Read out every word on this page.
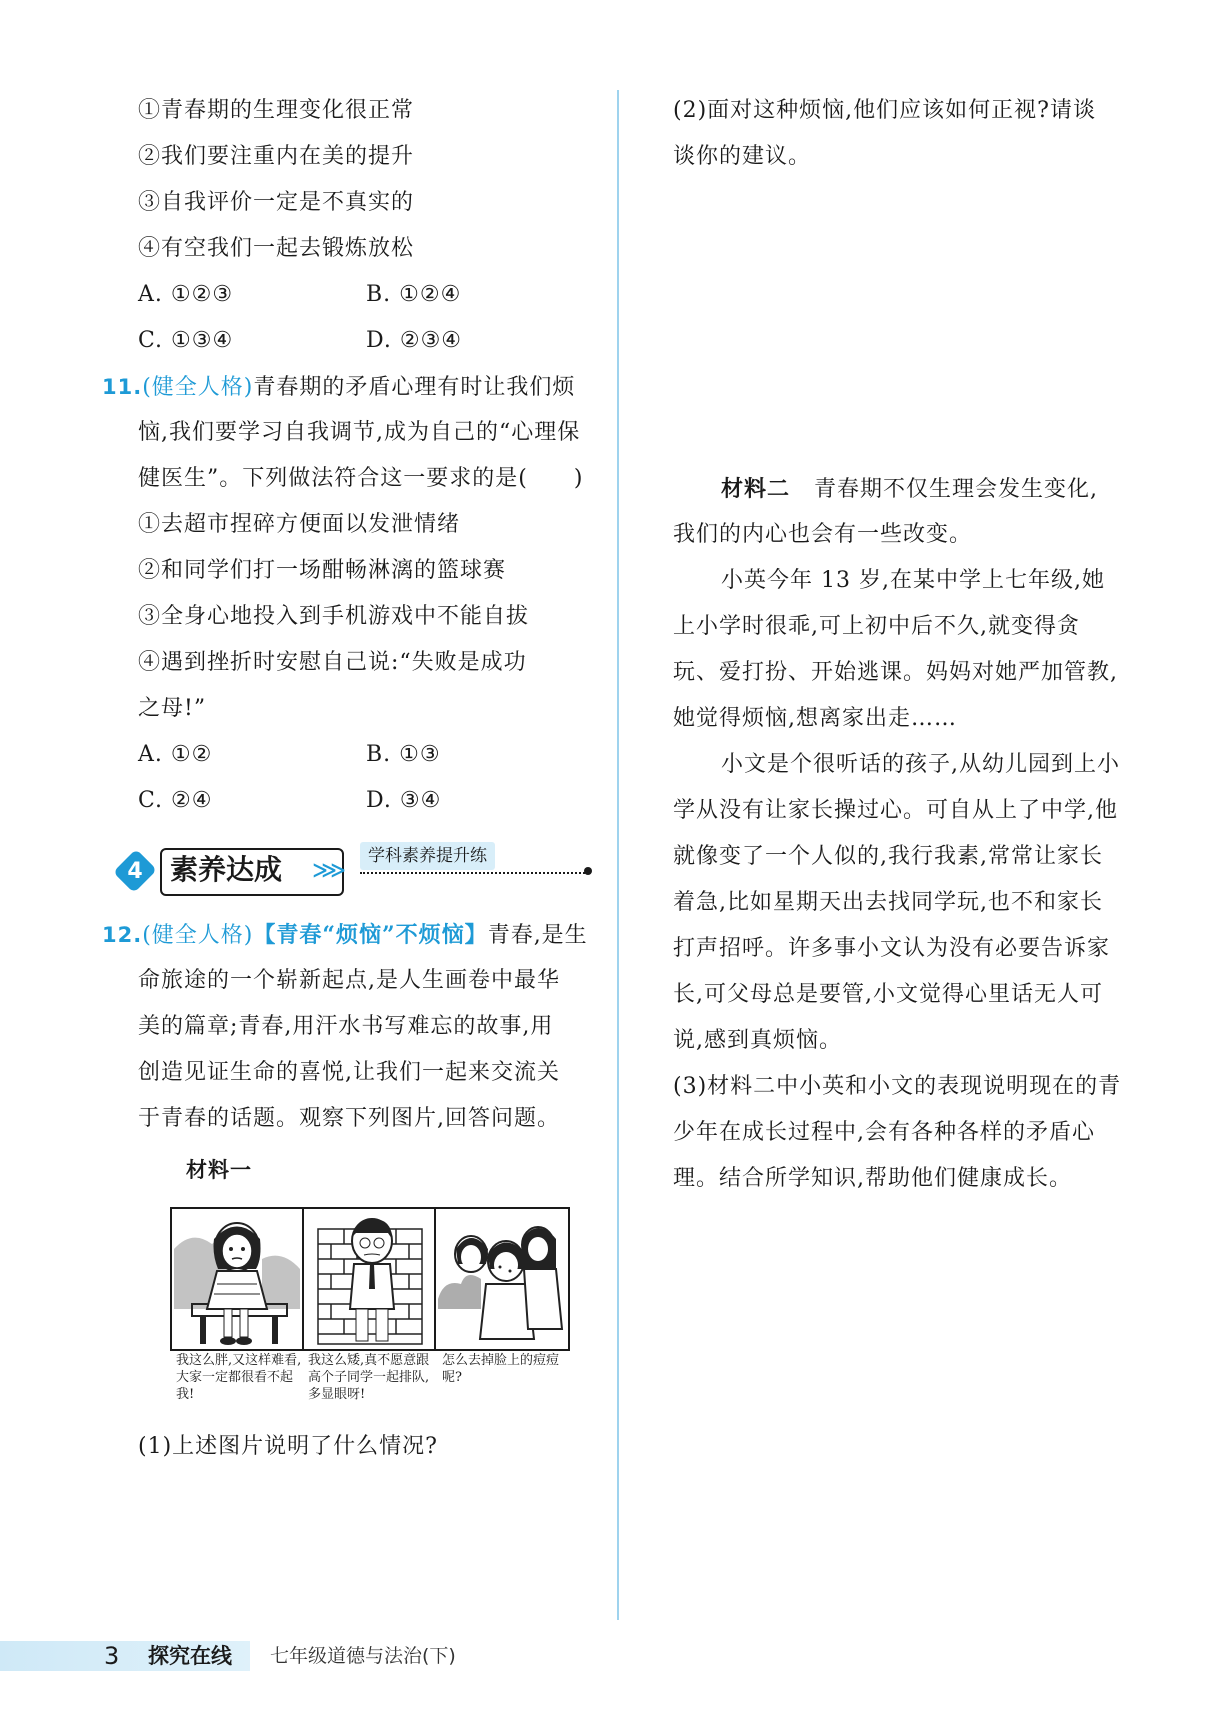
①青春期的生理变化很正常
②我们要注重内在美的提升
③自我评价一定是不真实的
④有空我们一起去锻炼放松
A. ①②③	B. ①②④
C. ①③④	D. ②③④
11.(健全人格)青春期的矛盾心理有时让我们烦
恼,我们要学习自我调节,成为自己的“心理保
健医生”。下列做法符合这一要求的是(　　)
①去超市捏碎方便面以发泄情绪
②和同学们打一场酣畅淋漓的篮球赛
③全身心地投入到手机游戏中不能自拔
④遇到挫折时安慰自己说:“失败是成功
之母!”
A. ①②	B. ①③
C. ②④	D. ③④
12.(健全人格)【青春“烦恼”不烦恼】青春,是生
命旅途的一个崭新起点,是人生画卷中最华
美的篇章;青春,用汗水书写难忘的故事,用
创造见证生命的喜悦,让我们一起来交流关
于青春的话题。观察下列图片,回答问题。
材料一
(1)上述图片说明了什么情况?
4 素养达成 ⋙	学科素养提升练
我这么胖,又这样难看,大家一定都很看不起我!
我这么矮,真不愿意跟高个子同学一起排队,多显眼呀!
怎么去掉脸上的痘痘呢?
(2)面对这种烦恼,他们应该如何正视?请谈
谈你的建议。
材料二 青春期不仅生理会发生变化,
我们的内心也会有一些改变。
小英今年 13 岁,在某中学上七年级,她
上小学时很乖,可上初中后不久,就变得贪
玩、爱打扮、开始逃课。妈妈对她严加管教,
她觉得烦恼,想离家出走……
小文是个很听话的孩子,从幼儿园到上小
学从没有让家长操过心。可自从上了中学,他
就像变了一个人似的,我行我素,常常让家长
着急,比如星期天出去找同学玩,也不和家长
打声招呼。许多事小文认为没有必要告诉家
长,可父母总是要管,小文觉得心里话无人可
说,感到真烦恼。
(3)材料二中小英和小文的表现说明现在的青
少年在成长过程中,会有各种各样的矛盾心
理。结合所学知识,帮助他们健康成长。
3 探究在线 七年级道德与法治(下)
